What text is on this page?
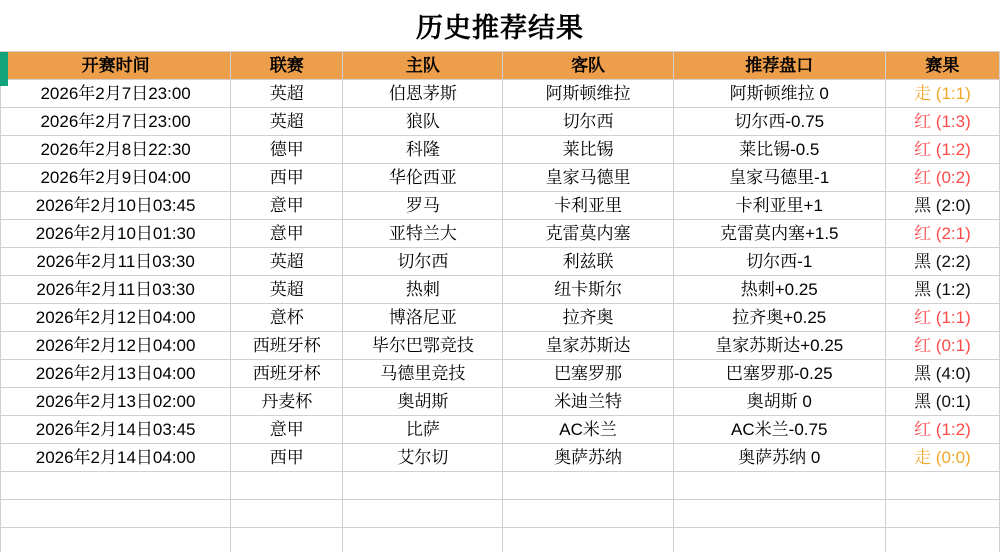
历史推荐结果
开赛时间	联赛	主队	客队	推荐盘口	赛果
2026年2月7日23:00	英超	伯恩茅斯	阿斯顿维拉	阿斯顿维拉 0	走 (1:1)
2026年2月7日23:00	英超	狼队	切尔西	切尔西-0.75	红 (1:3)
2026年2月8日22:30	德甲	科隆	莱比锡	莱比锡-0.5	红 (1:2)
2026年2月9日04:00	西甲	华伦西亚	皇家马德里	皇家马德里-1	红 (0:2)
2026年2月10日03:45	意甲	罗马	卡利亚里	卡利亚里+1	黑 (2:0)
2026年2月10日01:30	意甲	亚特兰大	克雷莫内塞	克雷莫内塞+1.5	红 (2:1)
2026年2月11日03:30	英超	切尔西	利兹联	切尔西-1	黑 (2:2)
2026年2月11日03:30	英超	热刺	纽卡斯尔	热刺+0.25	黑 (1:2)
2026年2月12日04:00	意杯	博洛尼亚	拉齐奥	拉齐奥+0.25	红 (1:1)
2026年2月12日04:00	西班牙杯	毕尔巴鄂竞技	皇家苏斯达	皇家苏斯达+0.25	红 (0:1)
2026年2月13日04:00	西班牙杯	马德里竞技	巴塞罗那	巴塞罗那-0.25	黑 (4:0)
2026年2月13日02:00	丹麦杯	奥胡斯	米迪兰特	奥胡斯 0	黑 (0:1)
2026年2月14日03:45	意甲	比萨	AC米兰	AC米兰-0.75	红 (1:2)
2026年2月14日04:00	西甲	艾尔切	奥萨苏纳	奥萨苏纳 0	走 (0:0)
